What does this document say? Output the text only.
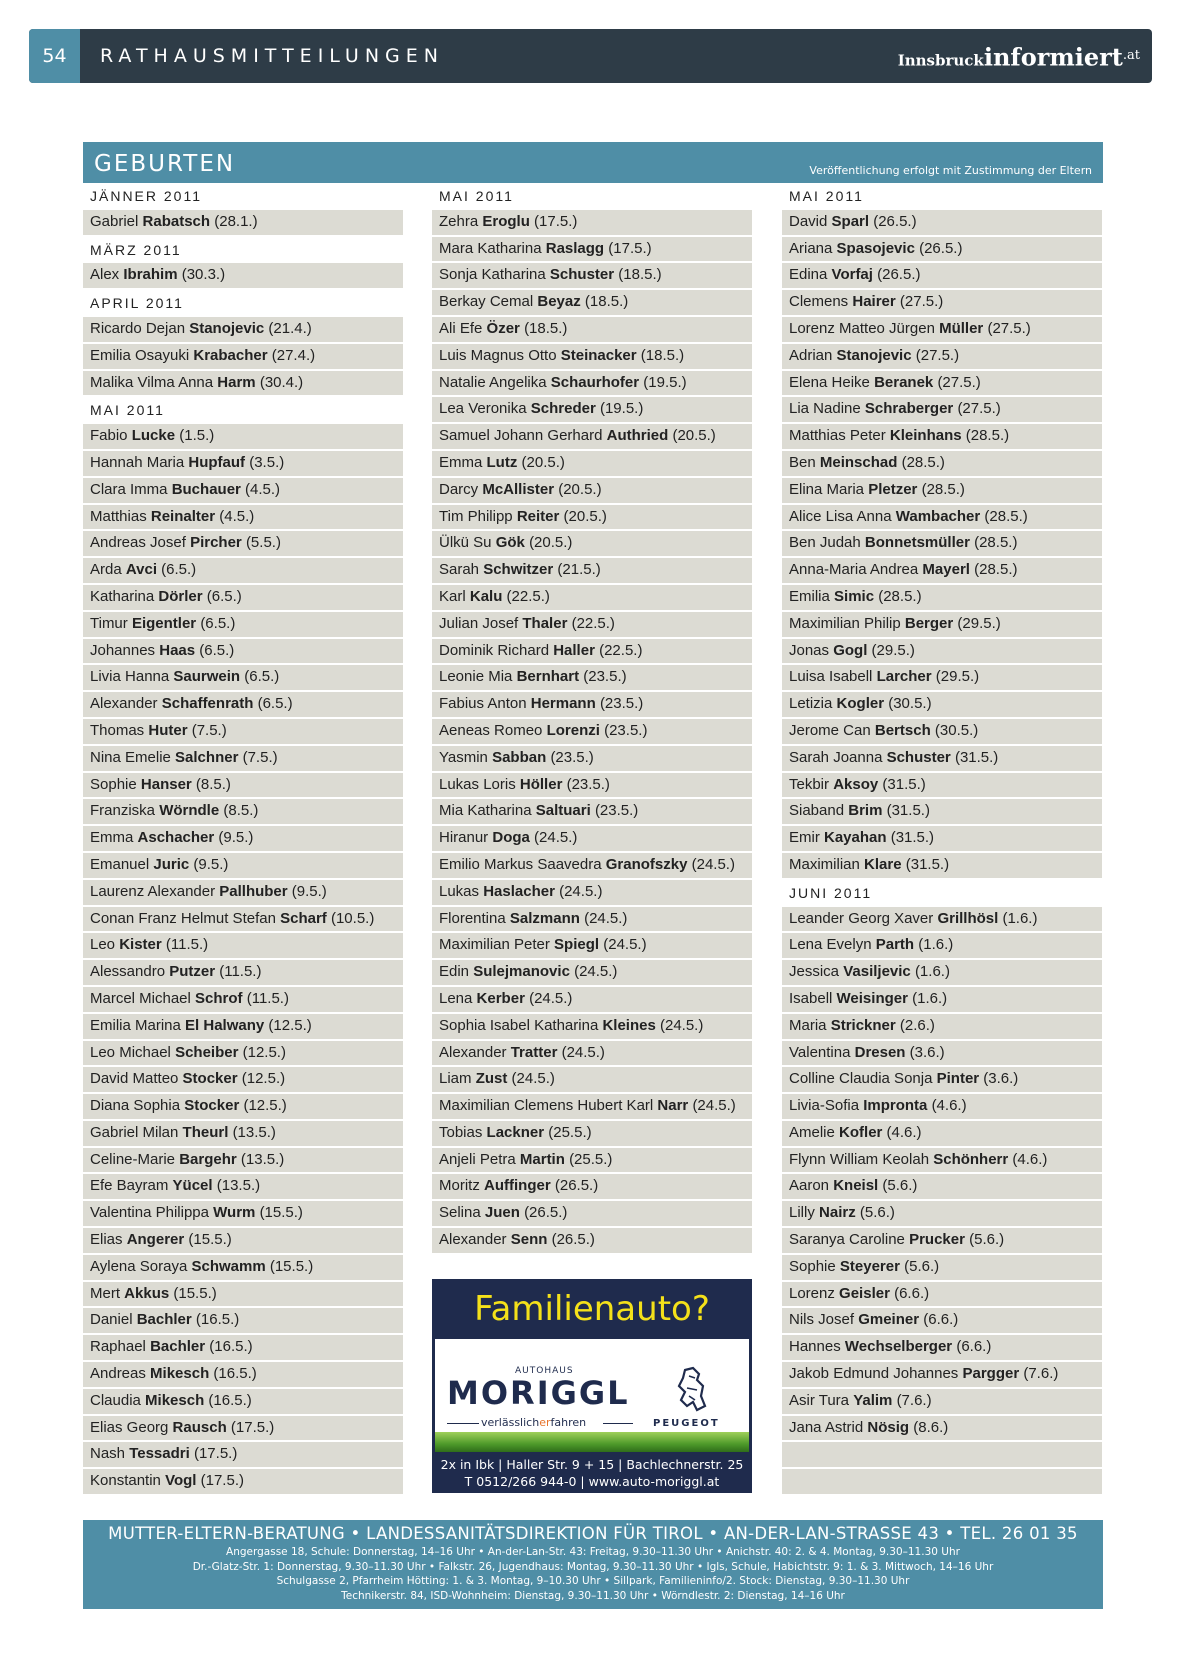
54	RATHAUSMITTEILUNGEN	Innsbruckinformiert$^{.at}$
GEBURTEN	Veröffentlichung erfolgt mit Zustimmung der Eltern
JÄNNER 2011
Gabriel Rabatsch (28.1.)
MÄRZ 2011
Alex Ibrahim (30.3.)
APRIL 2011
Ricardo Dejan Stanojevic (21.4.)
Emilia Osayuki Krabacher (27.4.)
Malika Vilma Anna Harm (30.4.)
MAI 2011
Fabio Lucke (1.5.)
Hannah Maria Hupfauf (3.5.)
Clara Imma Buchauer (4.5.)
Matthias Reinalter (4.5.)
Andreas Josef Pircher (5.5.)
Arda Avci (6.5.)
Katharina Dörler (6.5.)
Timur Eigentler (6.5.)
Johannes Haas (6.5.)
Livia Hanna Saurwein (6.5.)
Alexander Schaffenrath (6.5.)
Thomas Huter (7.5.)
Nina Emelie Salchner (7.5.)
Sophie Hanser (8.5.)
Franziska Wörndle (8.5.)
Emma Aschacher (9.5.)
Emanuel Juric (9.5.)
Laurenz Alexander Pallhuber (9.5.)
Conan Franz Helmut Stefan Scharf (10.5.)
Leo Kister (11.5.)
Alessandro Putzer (11.5.)
Marcel Michael Schrof (11.5.)
Emilia Marina El Halwany (12.5.)
Leo Michael Scheiber (12.5.)
David Matteo Stocker (12.5.)
Diana Sophia Stocker (12.5.)
Gabriel Milan Theurl (13.5.)
Celine-Marie Bargehr (13.5.)
Efe Bayram Yücel (13.5.)
Valentina Philippa Wurm (15.5.)
Elias Angerer (15.5.)
Aylena Soraya Schwamm (15.5.)
Mert Akkus (15.5.)
Daniel Bachler (16.5.)
Raphael Bachler (16.5.)
Andreas Mikesch (16.5.)
Claudia Mikesch (16.5.)
Elias Georg Rausch (17.5.)
Nash Tessadri (17.5.)
Konstantin Vogl (17.5.)
MAI 2011
Zehra Eroglu (17.5.)
Mara Katharina Raslagg (17.5.)
Sonja Katharina Schuster (18.5.)
Berkay Cemal Beyaz (18.5.)
Ali Efe Özer (18.5.)
Luis Magnus Otto Steinacker (18.5.)
Natalie Angelika Schaurhofer (19.5.)
Lea Veronika Schreder (19.5.)
Samuel Johann Gerhard Authried (20.5.)
Emma Lutz (20.5.)
Darcy McAllister (20.5.)
Tim Philipp Reiter (20.5.)
Ülkü Su Gök (20.5.)
Sarah Schwitzer (21.5.)
Karl Kalu (22.5.)
Julian Josef Thaler (22.5.)
Dominik Richard Haller (22.5.)
Leonie Mia Bernhart (23.5.)
Fabius Anton Hermann (23.5.)
Aeneas Romeo Lorenzi (23.5.)
Yasmin Sabban (23.5.)
Lukas Loris Höller (23.5.)
Mia Katharina Saltuari (23.5.)
Hiranur Doga (24.5.)
Emilio Markus Saavedra Granofszky (24.5.)
Lukas Haslacher (24.5.)
Florentina Salzmann (24.5.)
Maximilian Peter Spiegl (24.5.)
Edin Sulejmanovic (24.5.)
Lena Kerber (24.5.)
Sophia Isabel Katharina Kleines (24.5.)
Alexander Tratter (24.5.)
Liam Zust (24.5.)
Maximilian Clemens Hubert Karl Narr (24.5.)
Tobias Lackner (25.5.)
Anjeli Petra Martin (25.5.)
Moritz Auffinger (26.5.)
Selina Juen (26.5.)
Alexander Senn (26.5.)
MAI 2011
David Sparl (26.5.)
Ariana Spasojevic (26.5.)
Edina Vorfaj (26.5.)
Clemens Hairer (27.5.)
Lorenz Matteo Jürgen Müller (27.5.)
Adrian Stanojevic (27.5.)
Elena Heike Beranek (27.5.)
Lia Nadine Schraberger (27.5.)
Matthias Peter Kleinhans (28.5.)
Ben Meinschad (28.5.)
Elina Maria Pletzer (28.5.)
Alice Lisa Anna Wambacher (28.5.)
Ben Judah Bonnetsmüller (28.5.)
Anna-Maria Andrea Mayerl (28.5.)
Emilia Simic (28.5.)
Maximilian Philip Berger (29.5.)
Jonas Gogl (29.5.)
Luisa Isabell Larcher (29.5.)
Letizia Kogler (30.5.)
Jerome Can Bertsch (30.5.)
Sarah Joanna Schuster (31.5.)
Tekbir Aksoy (31.5.)
Siaband Brim (31.5.)
Emir Kayahan (31.5.)
Maximilian Klare (31.5.)
JUNI 2011
Leander Georg Xaver Grillhösl (1.6.)
Lena Evelyn Parth (1.6.)
Jessica Vasiljevic (1.6.)
Isabell Weisinger (1.6.)
Maria Strickner (2.6.)
Valentina Dresen (3.6.)
Colline Claudia Sonja Pinter (3.6.)
Livia-Sofia Impronta (4.6.)
Amelie Kofler (4.6.)
Flynn William Keolah Schönherr (4.6.)
Aaron Kneisl (5.6.)
Lilly Nairz (5.6.)
Saranya Caroline Prucker (5.6.)
Sophie Steyerer (5.6.)
Lorenz Geisler (6.6.)
Nils Josef Gmeiner (6.6.)
Hannes Wechselberger (6.6.)
Jakob Edmund Johannes Pargger (7.6.)
Asir Tura Yalim (7.6.)
Jana Astrid Nösig (8.6.)
Familienauto?
AUTOHAUS
MORIGGL
verlässlicherfahren	PEUGEOT
2x in Ibk | Haller Str. 9 + 15 | Bachlechnerstr. 25
T 0512/266 944-0 | www.auto-moriggl.at
MUTTER-ELTERN-BERATUNG • LANDESSANITÄTSDIREKTION FÜR TIROL • AN-DER-LAN-STRASSE 43 • TEL. 26 01 35
Angergasse 18, Schule: Donnerstag, 14–16 Uhr • An-der-Lan-Str. 43: Freitag, 9.30–11.30 Uhr • Anichstr. 40: 2. & 4. Montag, 9.30–11.30 Uhr
Dr.-Glatz-Str. 1: Donnerstag, 9.30–11.30 Uhr • Falkstr. 26, Jugendhaus: Montag, 9.30–11.30 Uhr • Igls, Schule, Habichtstr. 9: 1. & 3. Mittwoch, 14–16 Uhr
Schulgasse 2, Pfarrheim Hötting: 1. & 3. Montag, 9–10.30 Uhr • Sillpark, Familieninfo/2. Stock: Dienstag, 9.30–11.30 Uhr
Technikerstr. 84, ISD-Wohnheim: Dienstag, 9.30–11.30 Uhr • Wörndlestr. 2: Dienstag, 14–16 Uhr
